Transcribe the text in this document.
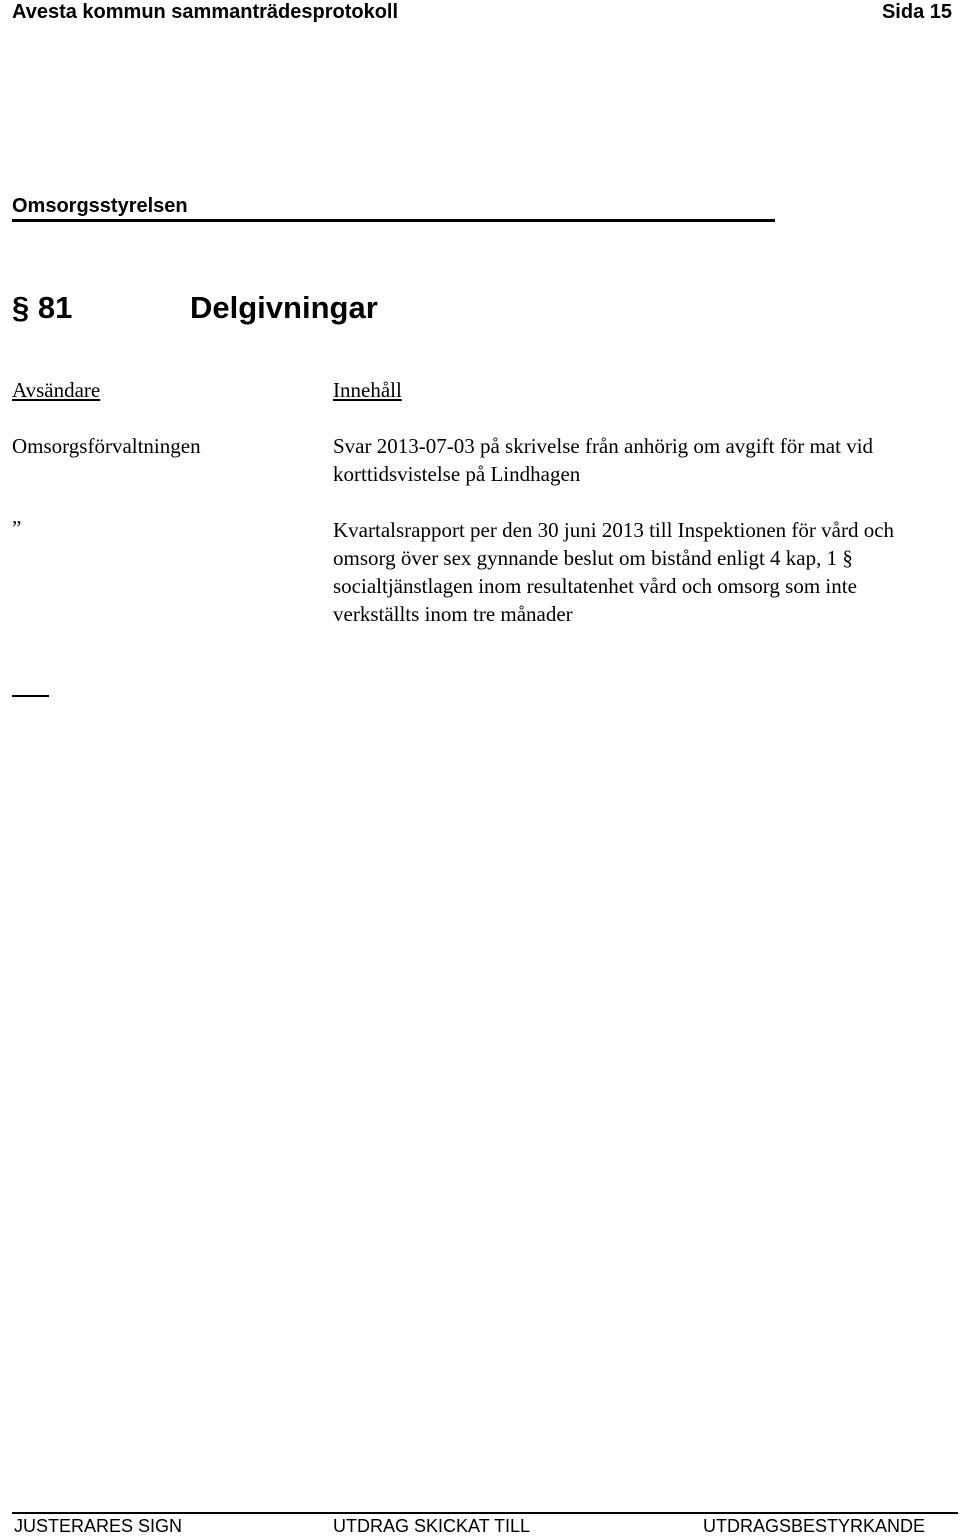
Avesta kommun sammanträdesprotokoll	Sida 15
Omsorgsstyrelsen
§ 81	Delgivningar
Avsändare	Innehåll
Omsorgsförvaltningen	Svar 2013-07-03 på skrivelse från anhörig om avgift för mat vid korttidsvistelse på Lindhagen
”	Kvartalsrapport per den 30 juni 2013 till Inspektionen för vård och omsorg över sex gynnande beslut om bistånd enligt 4 kap, 1 § socialtjänstlagen inom resultatenhet vård och omsorg som inte verkställts inom tre månader
JUSTERARES SIGN	UTDRAG SKICKAT TILL	UTDRAGSBESTYRKANDE
